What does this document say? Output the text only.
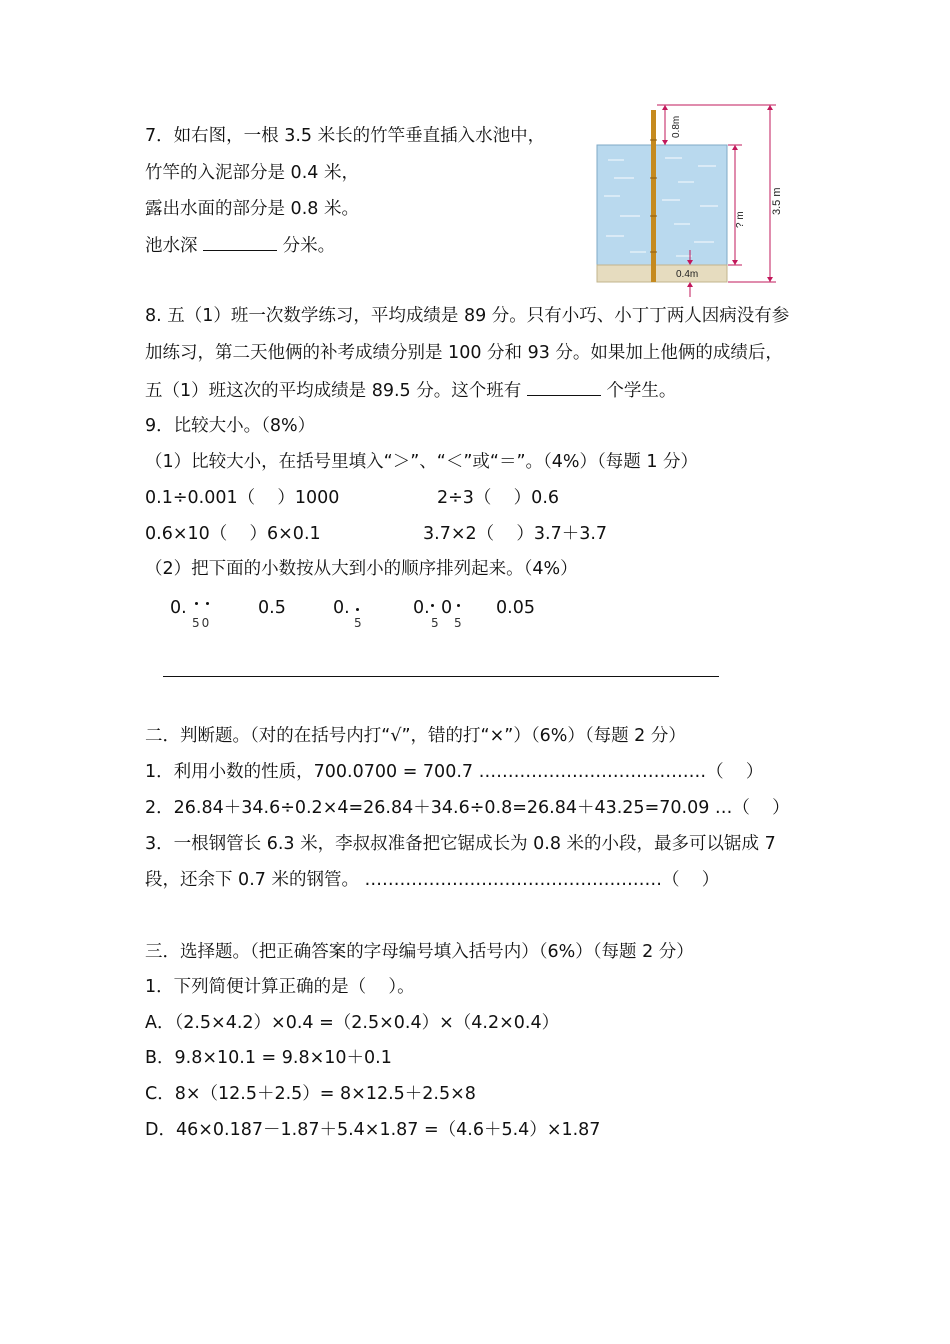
7．如右图，一根 3.5 米长的竹竿垂直插入水池中，
竹竿的入泥部分是 0.4 米，
露出水面的部分是 0.8 米。
池水深	分米。
0.8m
? m
3.5 m
0.4m
8. 五（1）班一次数学练习，平均成绩是 89 分。只有小巧、小丁丁两人因病没有参
加练习，第二天他俩的补考成绩分别是 100 分和 93 分。如果加上他俩的成绩后，
五（1）班这次的平均成绩是 89.5 分。这个班有	个学生。
9．比较大小。（8%）
（1）比较大小，在括号里填入“＞”、“＜”或“＝”。（4%）（每题 1 分）
0.1÷0.001（    ）1000	2÷3（    ）0.6
0.6×10（    ）6×0.1	3.7×2（    ）3.7＋3.7
（2）把下面的小数按从大到小的顺序排列起来。（4%）
0.
50
0.5	0.
5
0. 0
5 5
0.05
二．判断题。（对的在括号内打“√”，错的打“×”）（6%）（每题 2 分）
1．利用小数的性质，700.0700 = 700.7 …………………………………（    ）
2．26.84＋34.6÷0.2×4=26.84＋34.6÷0.8=26.84＋43.25=70.09 …（    ）
3．一根钢管长 6.3 米，李叔叔准备把它锯成长为 0.8 米的小段，最多可以锯成 7
段，还余下 0.7 米的钢管。 ……………………………………………（    ）
三．选择题。（把正确答案的字母编号填入括号内）（6%）（每题 2 分）
1．下列简便计算正确的是（    ）。
A．（2.5×4.2）×0.4 =（2.5×0.4）×（4.2×0.4）
B．9.8×10.1 = 9.8×10＋0.1
C．8×（12.5＋2.5）= 8×12.5＋2.5×8
D．46×0.187－1.87＋5.4×1.87 =（4.6＋5.4）×1.87
